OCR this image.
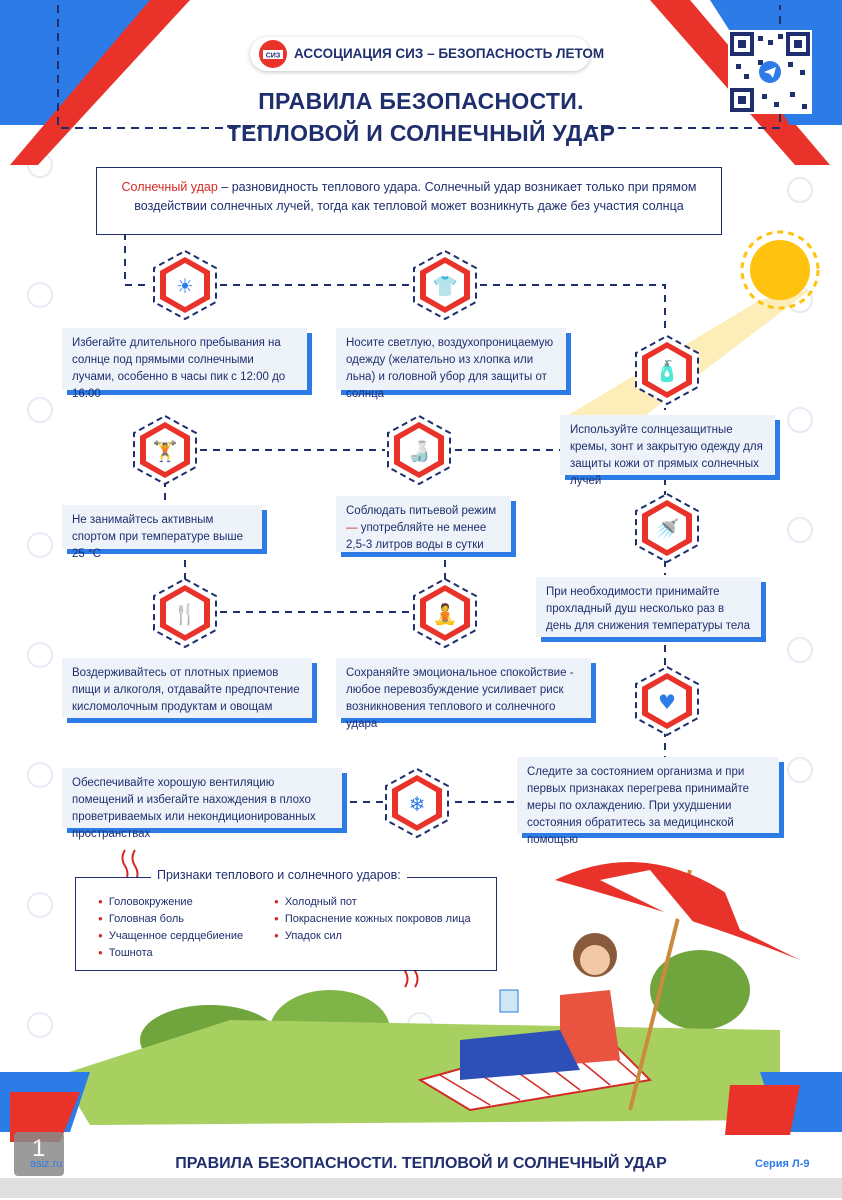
СИЗ АССОЦИАЦИЯ СИЗ – БЕЗОПАСНОСТЬ ЛЕТОМ
ПРАВИЛА БЕЗОПАСНОСТИ.
ТЕПЛОВОЙ И СОЛНЕЧНЫЙ УДАР

Солнечный удар – разновидность теплового удара. Солнечный удар возникает только при прямом воздействии солнечных лучей, тогда как тепловой может возникнуть даже без участия солнца

Избегайте длительного пребывания на солнце под прямыми солнечными лучами, особенно в часы пик с 12:00 до 16:00
Носите светлую, воздухопроницаемую одежду (желательно из хлопка или льна) и головной убор для защиты от солнца
Используйте солнцезащитные кремы, зонт и закрытую одежду для защиты кожи от прямых солнечных лучей
Не занимайтесь активным спортом при температуре выше 25 °С
Соблюдать питьевой режим
— употребляйте не менее 2,5-3 литров воды в сутки
При необходимости принимайте прохладный душ несколько раз в день для снижения температуры тела
Воздерживайтесь от плотных приемов пищи и алкоголя, отдавайте предпочтение кисломолочным продуктам и овощам
Сохраняйте эмоциональное спокойствие - любое перевозбуждение усиливает риск возникновения теплового и солнечного удара
Следите за состоянием организма и при первых признаках перегрева принимайте меры по охлаждению. При ухудшении состояния обратитесь за медицинской помощью
Обеспечивайте хорошую вентиляцию помещений и избегайте нахождения в плохо проветриваемых или некондиционированных пространствах
Признаки теплового и солнечного ударов:
● Головокружение
● Головная боль
● Учащенное сердцебиение
● Тошнота
● Холодный пот
● Покраснение кожных покровов лица
● Упадок сил
1
asiz.ru	ПРАВИЛА БЕЗОПАСНОСТИ. ТЕПЛОВОЙ И СОЛНЕЧНЫЙ УДАР	Серия Л-9
☀	👕
🧴
🏋	🍶
🚿
🍴	🧘
♥
❄
